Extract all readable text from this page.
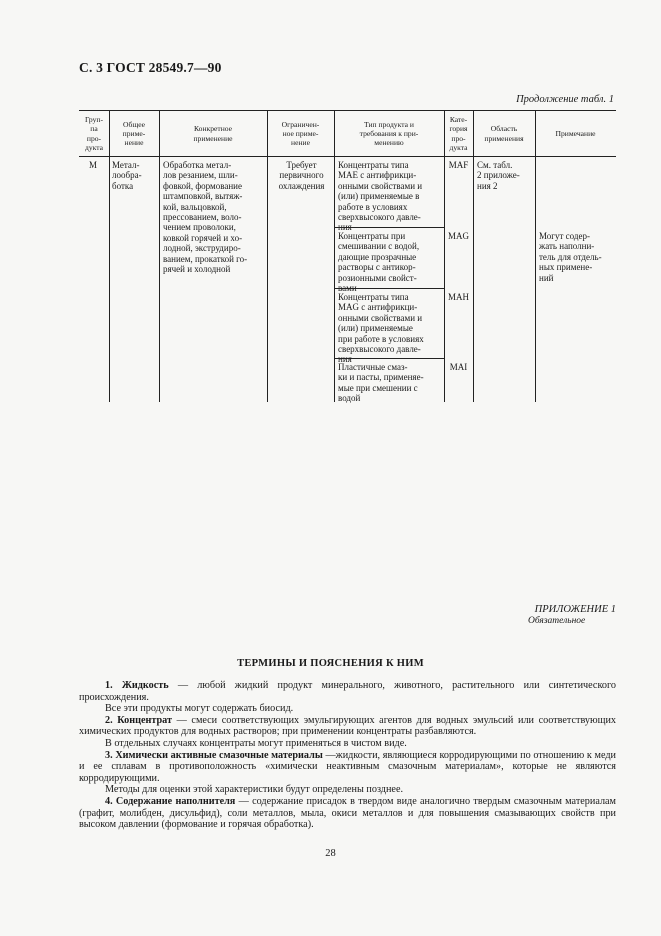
С. 3 ГОСТ 28549.7—90
Продолжение табл. 1
Груп-
па
про-
дукта
Общее
приме-
нение
Конкретное
применение
Ограничен-
ное приме-
нение
Тип продукта и
требования к при-
менению
Кате-
гория
про-
дукта
Область
применения
Примечание
М Метал-
лообра-
ботка
Обработка метал-
лов резанием, шли-
фовкой, формование
штамповкой, вытяж-
кой, вальцовкой,
прессованием, воло-
чением проволоки,
ковкой горячей и хо-
лодной, экструдиро-
ванием, прокаткой го-
рячей и холодной
Требует
первичного
охлаждения
Концентраты типа
MAE с антифрикци-
онными свойствами и
(или) применяемые в
работе в условиях
сверхвысокого давле-
ния
MAF
Концентраты при
смешивании с водой,
дающие прозрачные
растворы с антикор-
розионными свойст-
вами
MAG
Концентраты типа
MAG с антифрикци-
онными свойствами и
(или) применяемые
при работе в условиях
сверхвысокого давле-
ния
MAH
Пластичные смаз-
ки и пасты, применяе-
мые при смешении с
водой
MAI
См. табл.
2 приложе-
ния 2
Могут содер-
жать наполни-
тель для отдель-
ных примене-
ний
ПРИЛОЖЕНИЕ 1
Обязательное
ТЕРМИНЫ И ПОЯСНЕНИЯ К НИМ

1. Жидкость — любой жидкий продукт минерального, животного, растительного или синтетического происхождения.

Все эти продукты могут содержать биосид.

2. Концентрат — смеси соответствующих эмульгирующих агентов для водных эмульсий или соответствующих химических продуктов для водных растворов; при применении концентраты разбавляются.

В отдельных случаях концентраты могут применяться в чистом виде.

3. Химически активные смазочные материалы —жидкости, являющиеся корродирующими по отношению к меди и ее сплавам в противоположность «химически неактивным смазочным материалам», которые не являются корродирующими.

Методы для оценки этой характеристики будут определены позднее.

4. Содержание наполнителя — содержание присадок в твердом виде аналогично твердым смазочным материалам (графит, молибден, дисульфид), соли металлов, мыла, окиси металлов и для повышения смазывающих свойств при высоком давлении (формование и горячая обработка).

28
